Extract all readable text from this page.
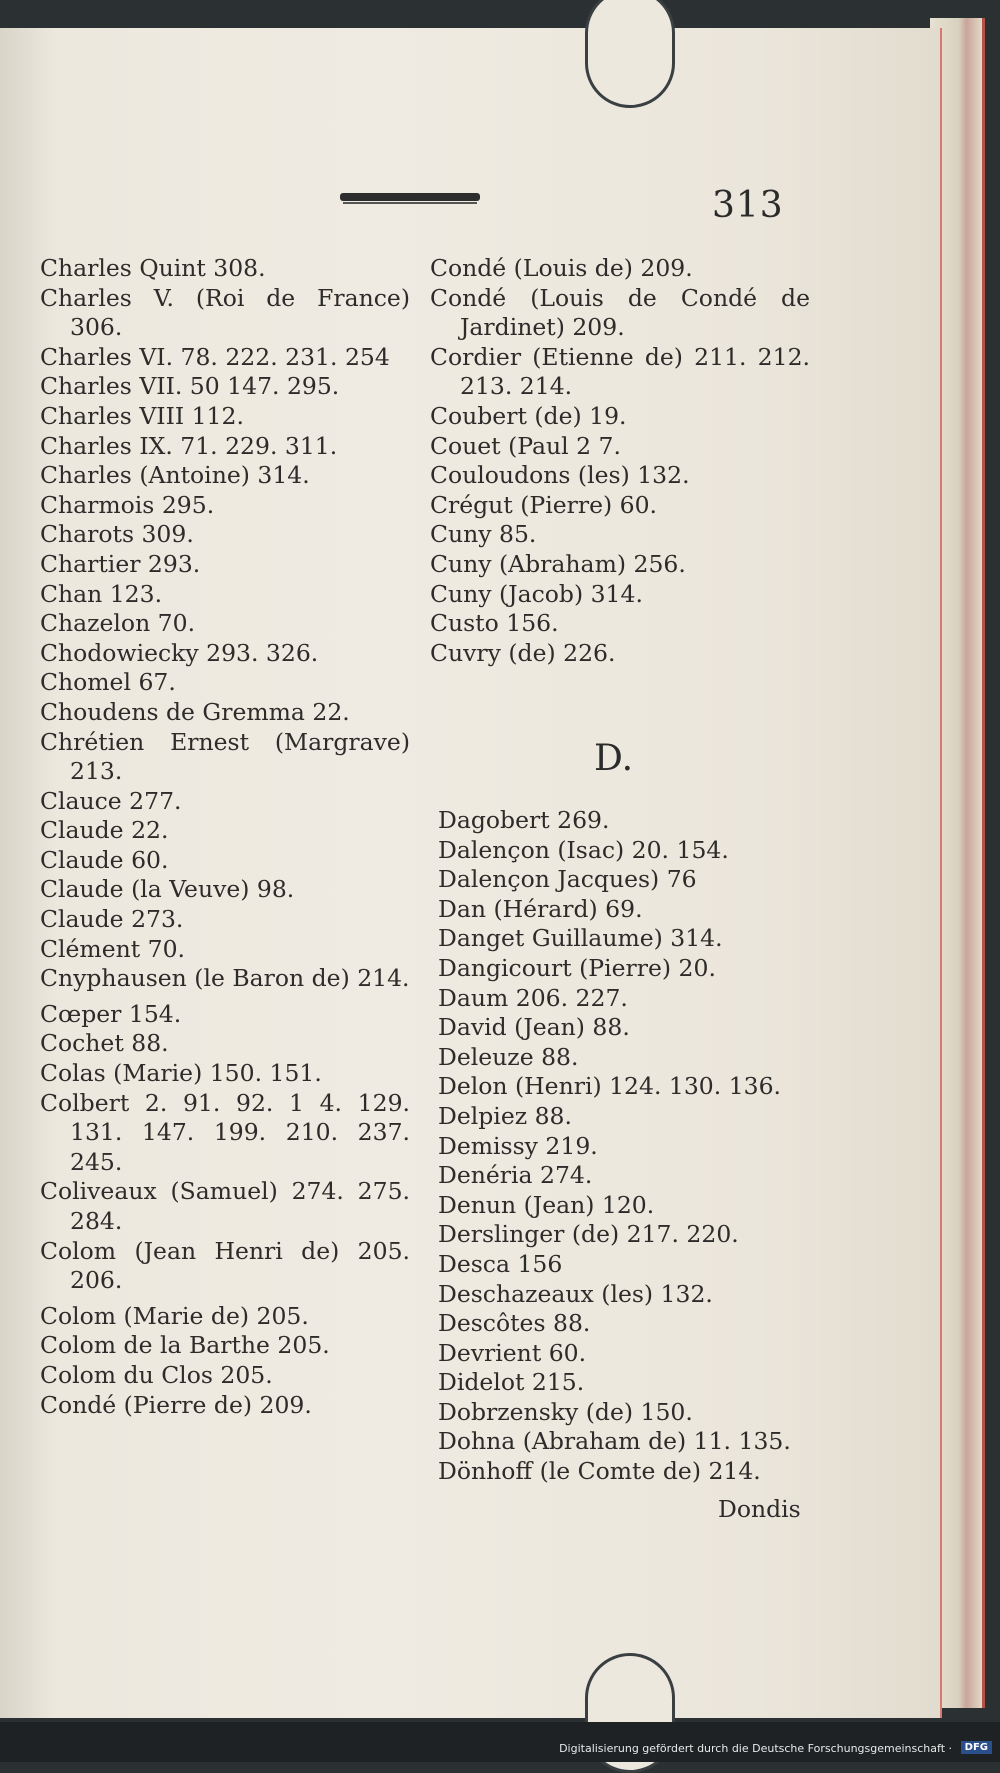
313
Charles Quint 308.
Charles V. (Roi de France) 306.
Charles VI. 78. 222. 231. 254
Charles VII. 50 147. 295.
Charles VIII 112.
Charles IX. 71. 229. 311.
Charles (Antoine) 314.
Charmois 295.
Charots 309.
Chartier 293.
Chan 123.
Chazelon 70.
Chodowiecky 293. 326.
Chomel 67.
Choudens de Gremma 22.
Chrétien Ernest (Margrave) 213.
Clauce 277.
Claude 22.
Claude 60.
Claude (la Veuve) 98.
Claude 273.
Clément 70.
Cnyphausen (le Baron de) 214.
Cœper 154.
Cochet 88.
Colas (Marie) 150. 151.
Colbert 2. 91. 92. 1 4. 129. 131. 147. 199. 210. 237. 245.
Coliveaux (Samuel) 274. 275. 284.
Colom (Jean Henri de) 205. 206.
Colom (Marie de) 205.
Colom de la Barthe 205.
Colom du Clos 205.
Condé (Pierre de) 209.
Condé (Louis de) 209.
Condé (Louis de Condé de Jardinet) 209.
Cordier (Etienne de) 211. 212. 213. 214.
Coubert (de) 19.
Couet (Paul 2 7.
Couloudons (les) 132.
Crégut (Pierre) 60.
Cuny 85.
Cuny (Abraham) 256.
Cuny (Jacob) 314.
Custo 156.
Cuvry (de) 226.
D.
Dagobert 269.
Dalençon (Isac) 20. 154.
Dalençon Jacques) 76
Dan (Hérard) 69.
Danget Guillaume) 314.
Dangicourt (Pierre) 20.
Daum 206. 227.
David (Jean) 88.
Deleuze 88.
Delon (Henri) 124. 130. 136.
Delpiez 88.
Demissy 219.
Denéria 274.
Denun (Jean) 120.
Derslinger (de) 217. 220.
Desca 156
Deschazeaux (les) 132.
Descôtes 88.
Devrient 60.
Didelot 215.
Dobrzensky (de) 150.
Dohna (Abraham de) 11. 135.
Dönhoff (le Comte de) 214.
Dondis
Digitalisierung gefördert durch die Deutsche Forschungsgemeinschaft ·	DFG
